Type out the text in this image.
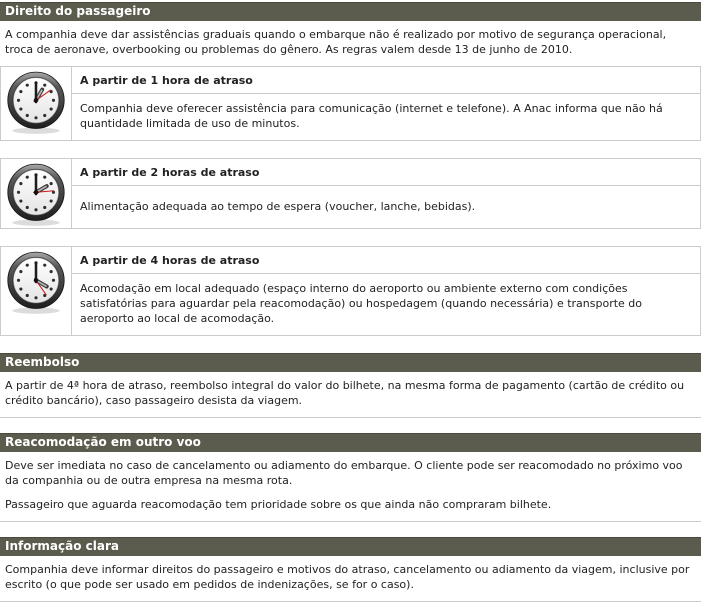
Direito do passageiro

A companhia deve dar assistências graduais quando o embarque não é realizado por motivo de segurança operacional, troca de aeronave, overbooking ou problemas do gênero. As regras valem desde 13 de junho de 2010.

A partir de 1 hora de atraso
Companhia deve oferecer assistência para comunicação (internet e telefone). A Anac informa que não há quantidade limitada de uso de minutos.
A partir de 2 horas de atraso
Alimentação adequada ao tempo de espera (voucher, lanche, bebidas).
A partir de 4 horas de atraso
Acomodação em local adequado (espaço interno do aeroporto ou ambiente externo com condições satisfatórias para aguardar pela reacomodação) ou hospedagem (quando necessária) e transporte do aeroporto ao local de acomodação.
Reembolso

A partir de 4ª hora de atraso, reembolso integral do valor do bilhete, na mesma forma de pagamento (cartão de crédito ou crédito bancário), caso passageiro desista da viagem.

Reacomodação em outro voo

Deve ser imediata no caso de cancelamento ou adiamento do embarque. O cliente pode ser reacomodado no próximo voo da companhia ou de outra empresa na mesma rota.

Passageiro que aguarda reacomodação tem prioridade sobre os que ainda não compraram bilhete.

Informação clara

Companhia deve informar direitos do passageiro e motivos do atraso, cancelamento ou adiamento da viagem, inclusive por escrito (o que pode ser usado em pedidos de indenizações, se for o caso).
